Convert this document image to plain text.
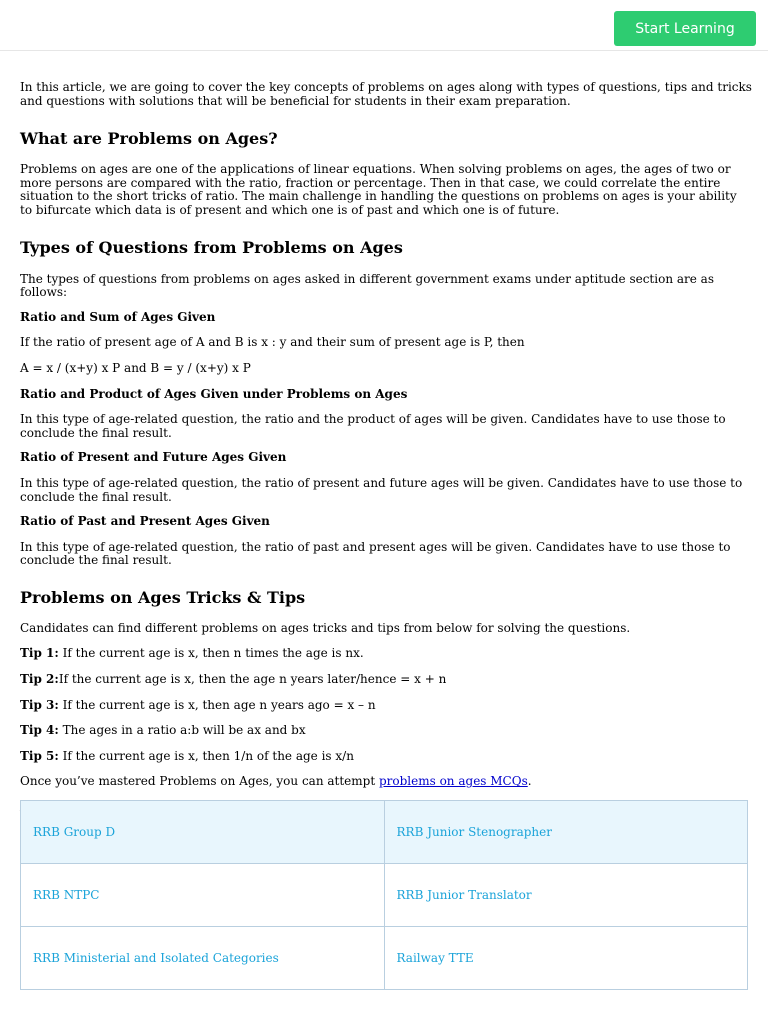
Start Learning

In this article, we are going to cover the key concepts of problems on ages along with types of questions, tips and tricks and questions with solutions that will be beneficial for students in their exam preparation.

What are Problems on Ages?

Problems on ages are one of the applications of linear equations. When solving problems on ages, the ages of two or more persons are compared with the ratio, fraction or percentage. Then in that case, we could correlate the entire situation to the short tricks of ratio. The main challenge in handling the questions on problems on ages is your ability to bifurcate which data is of present and which one is of past and which one is of future.

Types of Questions from Problems on Ages

The types of questions from problems on ages asked in different government exams under aptitude section are as follows:

Ratio and Sum of Ages Given

If the ratio of present age of A and B is x : y and their sum of present age is P, then

A = x / (x+y) x P and B = y / (x+y) x P

Ratio and Product of Ages Given under Problems on Ages

In this type of age-related question, the ratio and the product of ages will be given. Candidates have to use those to conclude the final result.

Ratio of Present and Future Ages Given

In this type of age-related question, the ratio of present and future ages will be given. Candidates have to use those to conclude the final result.

Ratio of Past and Present Ages Given

In this type of age-related question, the ratio of past and present ages will be given. Candidates have to use those to conclude the final result.

Problems on Ages Tricks & Tips

Candidates can find different problems on ages tricks and tips from below for solving the questions.

Tip 1: If the current age is x, then n times the age is nx.

Tip 2:If the current age is x, then the age n years later/hence = x + n

Tip 3: If the current age is x, then age n years ago = x – n

Tip 4: The ages in a ratio a:b will be ax and bx

Tip 5: If the current age is x, then 1/n of the age is x/n

Once you’ve mastered Problems on Ages, you can attempt problems on ages MCQs.

RRB Group D	RRB Junior Stenographer
RRB NTPC	RRB Junior Translator
RRB Ministerial and Isolated Categories	Railway TTE
